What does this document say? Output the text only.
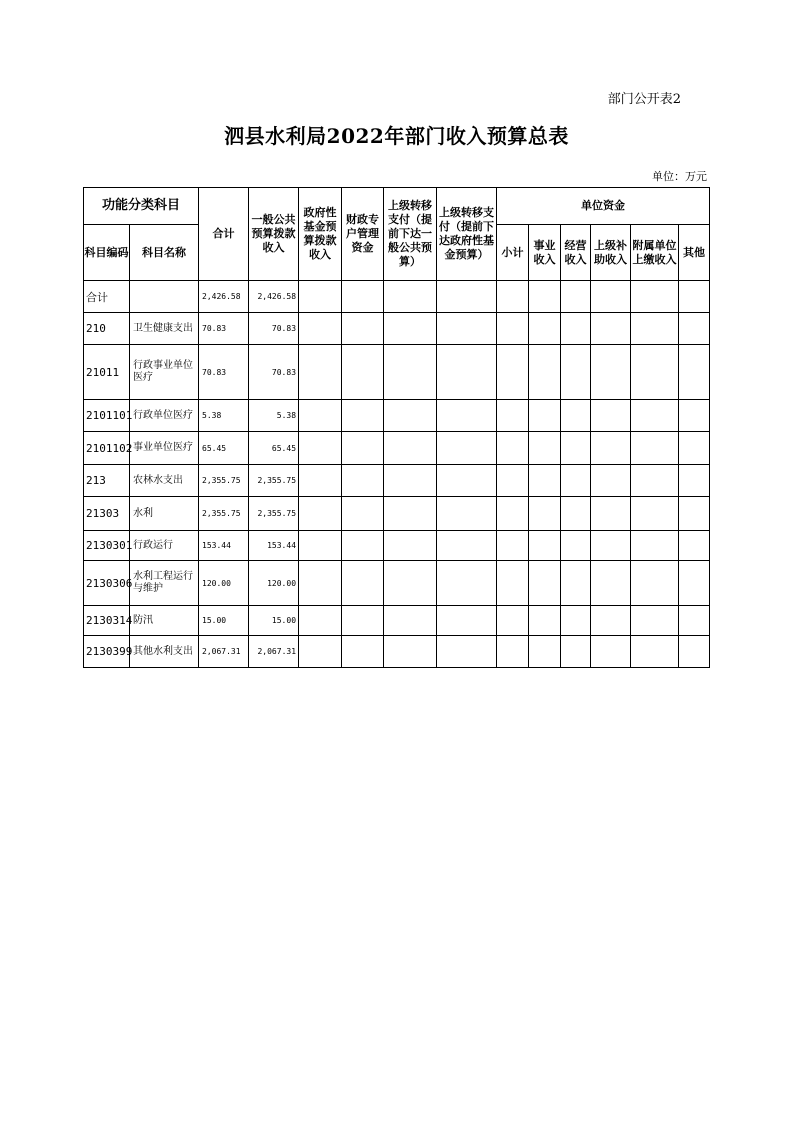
部门公开表2
泗县水利局2022年部门收入预算总表
单位：万元
功能分类科目		合计	一般公共预算拨款收入	政府性基金预算拨款收入	财政专户管理资金	上级转移支付（提前下达一般公共预算）	上级转移支付（提前下达政府性基金预算）	单位资金					
科目编码	科目名称							小计	事业收入	经营收入	上级补助收入	附属单位上缴收入	其他
合计		2,426.58	2,426.58										
210	卫生健康支出	70.83	70.83										
21011	行政事业单位医疗	70.83	70.83										
2101101	行政单位医疗	5.38	5.38										
2101102	事业单位医疗	65.45	65.45										
213	农林水支出	2,355.75	2,355.75										
21303	水利	2,355.75	2,355.75										
2130301	行政运行	153.44	153.44										
2130306	水利工程运行与维护	120.00	120.00										
2130314	防汛	15.00	15.00										
2130399	其他水利支出	2,067.31	2,067.31										
